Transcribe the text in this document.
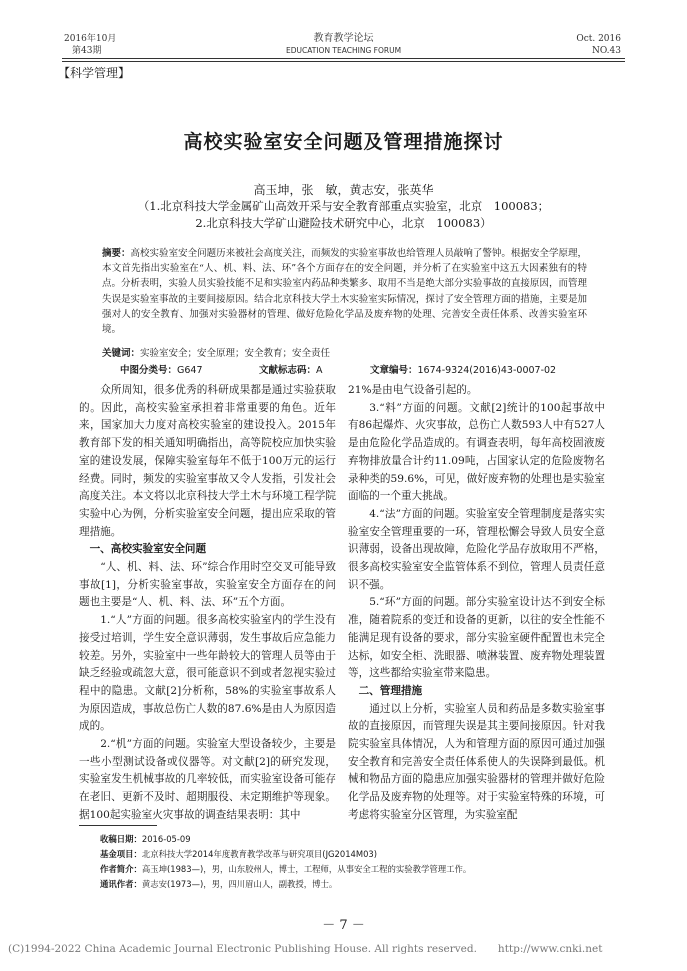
2016年10月
第43期
教育教学论坛
EDUCATION TEACHING FORUM
Oct. 2016
NO.43
【科学管理】
高校实验室安全问题及管理措施探讨
高玉坤，张　敏，黄志安，张英华
（1.北京科技大学金属矿山高效开采与安全教育部重点实验室，北京　100083；
2.北京科技大学矿山避险技术研究中心，北京　100083）
摘要：高校实验室安全问题历来被社会高度关注，而频发的实验室事故也给管理人员敲响了警钟。根据安全学原理，本文首先指出实验室在“人、机、料、法、环”各个方面存在的安全问题，并分析了在实验室中这五大因素独有的特点。分析表明，实验人员实验技能不足和实验室内药品种类繁多、取用不当是绝大部分实验事故的直接原因，而管理失误是实验室事故的主要间接原因。结合北京科技大学土木实验室实际情况，探讨了安全管理方面的措施，主要是加强对人的安全教育、加强对实验器材的管理、做好危险化学品及废弃物的处理、完善安全责任体系、改善实验室环境。
关键词：实验室安全；安全原理；安全教育；安全责任
中图分类号：G647	文献标志码：A	文章编号：1674-9324(2016)43-0007-02

众所周知，很多优秀的科研成果都是通过实验获取的。因此，高校实验室承担着非常重要的角色。近年来，国家加大力度对高校实验室的建设投入。2015年教育部下发的相关通知明确指出，高等院校应加快实验室的建设发展，保障实验室每年不低于100万元的运行经费。同时，频发的实验室事故又令人发指，引发社会高度关注。本文将以北京科技大学土木与环境工程学院实验中心为例，分析实验室安全问题，提出应采取的管理措施。

一、高校实验室安全问题

“人、机、料、法、环”综合作用时空交叉可能导致事故[1]，分析实验室事故，实验室安全方面存在的问题也主要是“人、机、料、法、环”五个方面。

1.“人”方面的问题。很多高校实验室内的学生没有接受过培训，学生安全意识薄弱，发生事故后应急能力较差。另外，实验室中一些年龄较大的管理人员等由于缺乏经验或疏忽大意，很可能意识不到或者忽视实验过程中的隐患。文献[2]分析称，58%的实验室事故系人为原因造成，事故总伤亡人数的87.6%是由人为原因造成的。

2.“机”方面的问题。实验室大型设备较少，主要是一些小型测试设备或仪器等。对文献[2]的研究发现，实验室发生机械事故的几率较低，而实验室设备可能存在老旧、更新不及时、超期服役、未定期维护等现象。据100起实验室火灾事故的调查结果表明：其中

21%是由电气设备引起的。

3.“料”方面的问题。文献[2]统计的100起事故中有86起爆炸、火灾事故，总伤亡人数593人中有527人是由危险化学品造成的。有调查表明，每年高校固液废弃物排放量合计约11.09吨，占国家认定的危险废物名录种类的59.6%，可见，做好废弃物的处理也是实验室面临的一个重大挑战。

4.“法”方面的问题。实验室安全管理制度是落实实验室安全管理重要的一环，管理松懈会导致人员安全意识薄弱，设备出现故障，危险化学品存放取用不严格，很多高校实验室安全监管体系不到位，管理人员责任意识不强。

5.“环”方面的问题。部分实验室设计达不到安全标准，随着院系的变迁和设备的更新，以往的安全性能不能满足现有设备的要求，部分实验室硬件配置也未完全达标，如安全柜、洗眼器、喷淋装置、废弃物处理装置等，这些都给实验室带来隐患。

二、管理措施

通过以上分析，实验室人员和药品是多数实验室事故的直接原因，而管理失误是其主要间接原因。针对我院实验室具体情况，人为和管理方面的原因可通过加强安全教育和完善安全责任体系使人的失误降到最低。机械和物品方面的隐患应加强实验器材的管理并做好危险化学品及废弃物的处理等。对于实验室特殊的环境，可考虑将实验室分区管理，为实验室配

收稿日期：2016-05-09
基金项目：北京科技大学2014年度教育教学改革与研究项目(JG2014M03)
作者简介：高玉坤(1983—)，男，山东胶州人，博士，工程师，从事安全工程的实验教学管理工作。
通讯作者：黄志安(1973—)，男，四川眉山人，副教授，博士。
－ 7 －
(C)1994-2022 China Academic Journal Electronic Publishing House. All rights reserved.　　http://www.cnki.net
